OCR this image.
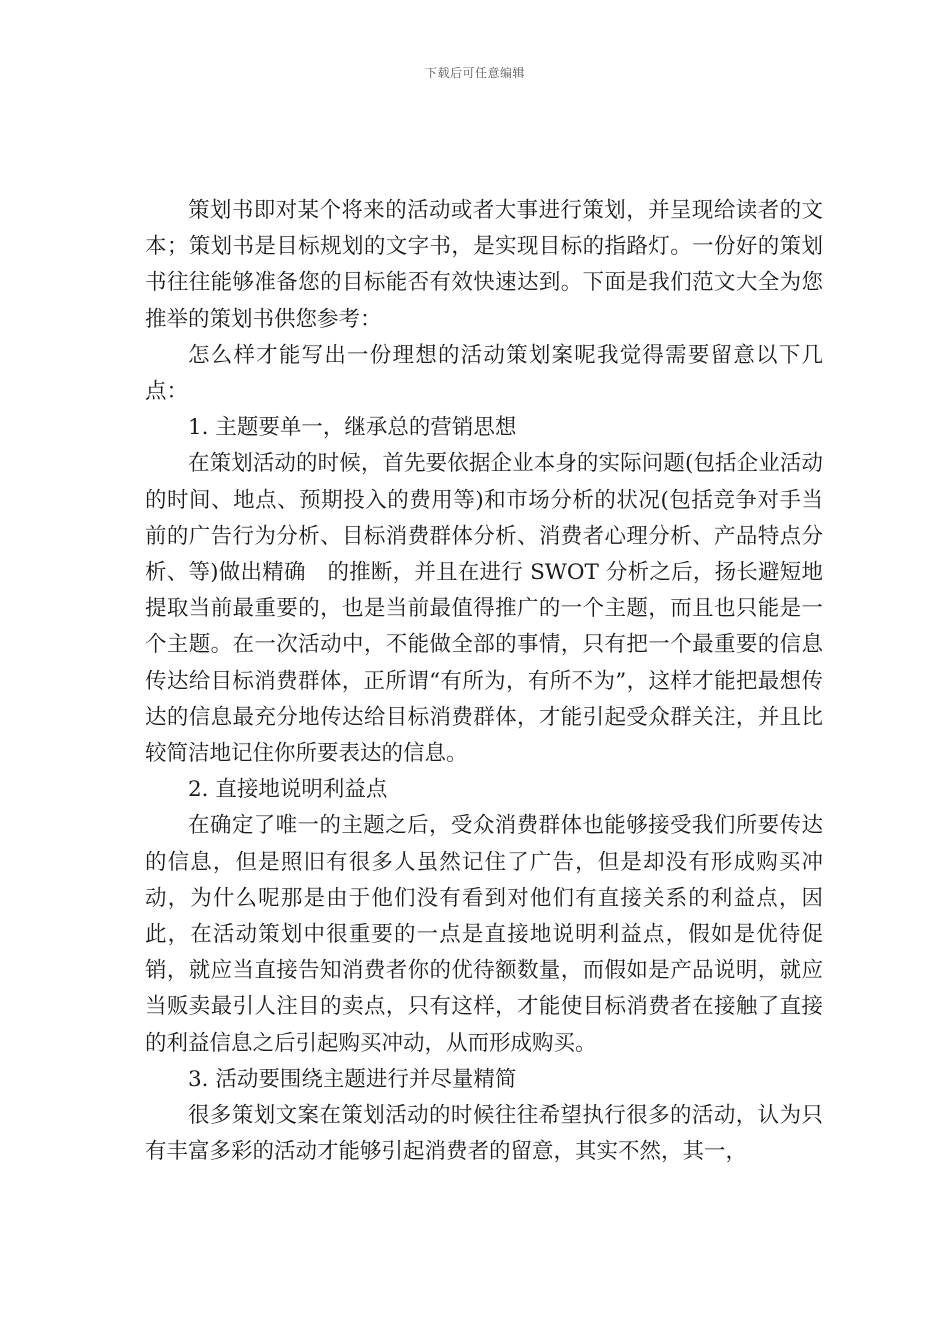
下载后可任意编辑

策划书即对某个将来的活动或者大事进行策划，并呈现给读者的文本；策划书是目标规划的文字书，是实现目标的指路灯。一份好的策划书往往能够准备您的目标能否有效快速达到。下面是我们范文大全为您推举的策划书供您参考：

怎么样才能写出一份理想的活动策划案呢我觉得需要留意以下几点：

1. 主题要单一，继承总的营销思想

在策划活动的时候，首先要依据企业本身的实际问题(包括企业活动的时间、地点、预期投入的费用等)和市场分析的状况(包括竞争对手当前的广告行为分析、目标消费群体分析、消费者心理分析、产品特点分析、等)做出精确　的推断，并且在进行 SWOT 分析之后，扬长避短地提取当前最重要的，也是当前最值得推广的一个主题，而且也只能是一个主题。在一次活动中，不能做全部的事情，只有把一个最重要的信息传达给目标消费群体，正所谓“有所为，有所不为”，这样才能把最想传达的信息最充分地传达给目标消费群体，才能引起受众群关注，并且比较简洁地记住你所要表达的信息。

2. 直接地说明利益点

在确定了唯一的主题之后，受众消费群体也能够接受我们所要传达的信息，但是照旧有很多人虽然记住了广告，但是却没有形成购买冲动，为什么呢那是由于他们没有看到对他们有直接关系的利益点，因此，在活动策划中很重要的一点是直接地说明利益点，假如是优待促销，就应当直接告知消费者你的优待额数量，而假如是产品说明，就应当贩卖最引人注目的卖点，只有这样，才能使目标消费者在接触了直接的利益信息之后引起购买冲动，从而形成购买。

3. 活动要围绕主题进行并尽量精简

很多策划文案在策划活动的时候往往希望执行很多的活动，认为只有丰富多彩的活动才能够引起消费者的留意，其实不然，其一，
